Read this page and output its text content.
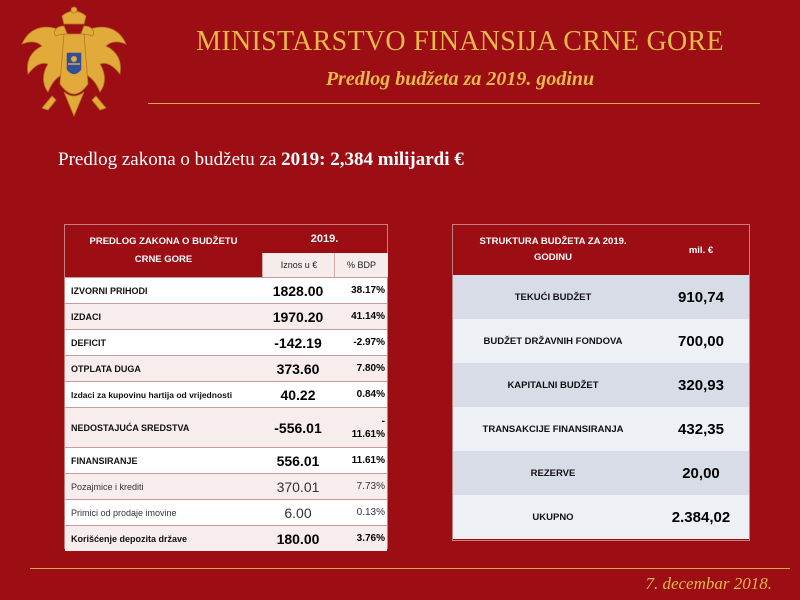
MINISTARSTVO FINANSIJA CRNE GORE
Predlog budžeta za 2019. godinu
Predlog zakona o budžetu za 2019: 2,384 milijardi €
PREDLOG ZAKONA O BUDŽETU
CRNE GORE
2019.
Iznos u €	% BDP
IZVORNI PRIHODI	1828.00	38.17%
IZDACI	1970.20	41.14%
DEFICIT	-142.19	-2.97%
OTPLATA DUGA	373.60	7.80%
Izdaci za kupovinu hartija od vrijednosti	40.22	0.84%
NEDOSTAJUĆA SREDSTVA	-556.01	-
11.61%
FINANSIRANJE	556.01	11.61%
Pozajmice i krediti	370.01	7.73%
Primici od prodaje imovine	6.00	0.13%
Korišćenje depozita države	180.00	3.76%
STRUKTURA BUDŽETA ZA 2019.
GODINU
mil. €
TEKUĆI BUDŽET	910,74
BUDŽET DRŽAVNIH FONDOVA	700,00
KAPITALNI BUDŽET	320,93
TRANSAKCIJE FINANSIRANJA	432,35
REZERVE	20,00
UKUPNO	2.384,02
7. decembar 2018.
